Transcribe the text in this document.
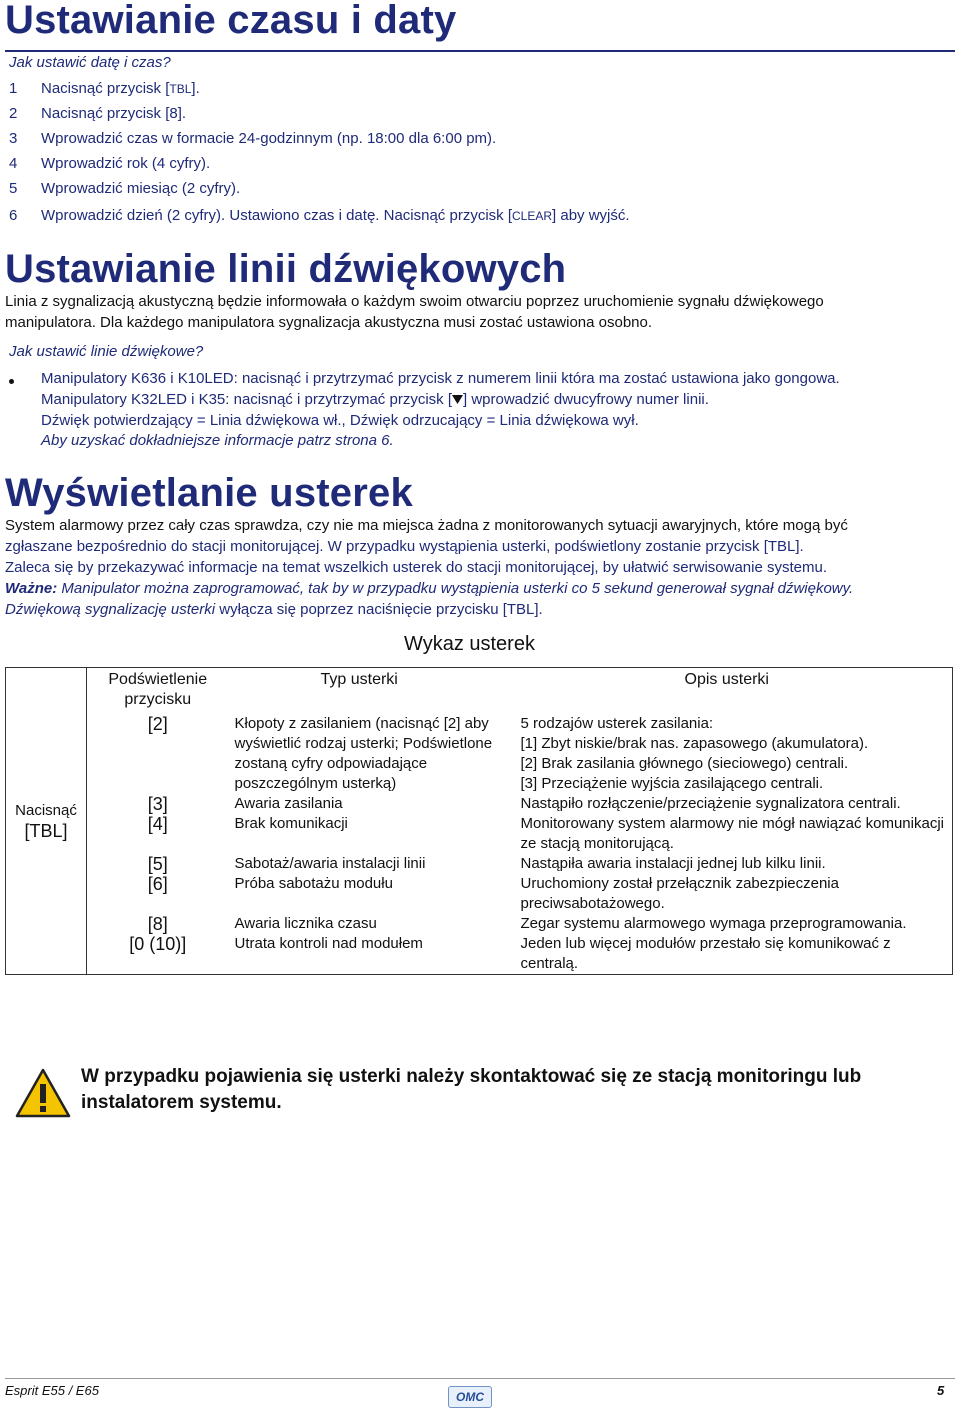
Ustawianie czasu i daty
Jak ustawić datę i czas?
1 Nacisnąć przycisk [TBL].
2 Nacisnąć przycisk [8].
3 Wprowadzić czas w formacie 24-godzinnym (np. 18:00 dla 6:00 pm).
4 Wprowadzić rok (4 cyfry).
5 Wprowadzić miesiąc (2 cyfry).
6 Wprowadzić dzień (2 cyfry). Ustawiono czas i datę. Nacisnąć przycisk [CLEAR] aby wyjść.
Ustawianie linii dźwiękowych
Linia z sygnalizacją akustyczną będzie informowała o każdym swoim otwarciu poprzez uruchomienie sygnału dźwiękowego
manipulatora. Dla każdego manipulatora sygnalizacja akustyczna musi zostać ustawiona osobno.
Jak ustawić linie dźwiękowe?
Manipulatory K636 i K10LED: nacisnąć i przytrzymać przycisk z numerem linii która ma zostać ustawiona jako gongowa.
Manipulatory K32LED i K35: nacisnąć i przytrzymać przycisk [ ] wprowadzić dwucyfrowy numer linii.
Dźwięk potwierdzający = Linia dźwiękowa wł., Dźwięk odrzucający = Linia dźwiękowa wył.
Aby uzyskać dokładniejsze informacje patrz strona 6.
Wyświetlanie usterek
System alarmowy przez cały czas sprawdza, czy nie ma miejsca żadna z monitorowanych sytuacji awaryjnych, które mogą być
zgłaszane bezpośrednio do stacji monitorującej. W przypadku wystąpienia usterki, podświetlony zostanie przycisk [TBL].
Zaleca się by przekazywać informacje na temat wszelkich usterek do stacji monitorującej, by ułatwić serwisowanie systemu.
Ważne: Manipulator można zaprogramować, tak by w przypadku wystąpienia usterki co 5 sekund generował sygnał dźwiękowy.
Dźwiękową sygnalizację usterki wyłącza się poprzez naciśnięcie przycisku [TBL].
Wykaz usterek
Nacisnąć
[TBL]	Podświetlenie przycisku	Typ usterki	Opis usterki
	[2]	Kłopoty z zasilaniem (nacisnąć [2] aby wyświetlić rodzaj usterki; Podświetlone zostaną cyfry odpowiadające poszczególnym usterką)	5 rodzajów usterek zasilania:
[1] Zbyt niskie/brak nas. zapasowego (akumulatora).
[2] Brak zasilania głównego (sieciowego) centrali.
[3] Przeciążenie wyjścia zasilającego centrali.

	[3]	Awaria zasilania	Nastąpiło rozłączenie/przeciążenie sygnalizatora centrali.
	[4]	Brak komunikacji	Monitorowany system alarmowy nie mógł nawiązać komunikacji ze stacją monitorującą.
	[5]	Sabotaż/awaria instalacji linii	Nastąpiła awaria instalacji jednej lub kilku linii.
	[6]	Próba sabotażu modułu	Uruchomiony został przełącznik zabezpieczenia preciwsabotażowego.
	[8]	Awaria licznika czasu	Zegar systemu alarmowego wymaga przeprogramowania.
	[0 (10)]	Utrata kontroli nad modułem	Jeden lub więcej modułów przestało się komunikować z centralą.
W przypadku pojawienia się usterki należy skontaktować się ze stacją monitoringu lub instalatorem systemu.
Esprit E55 / E65	OMC	5
